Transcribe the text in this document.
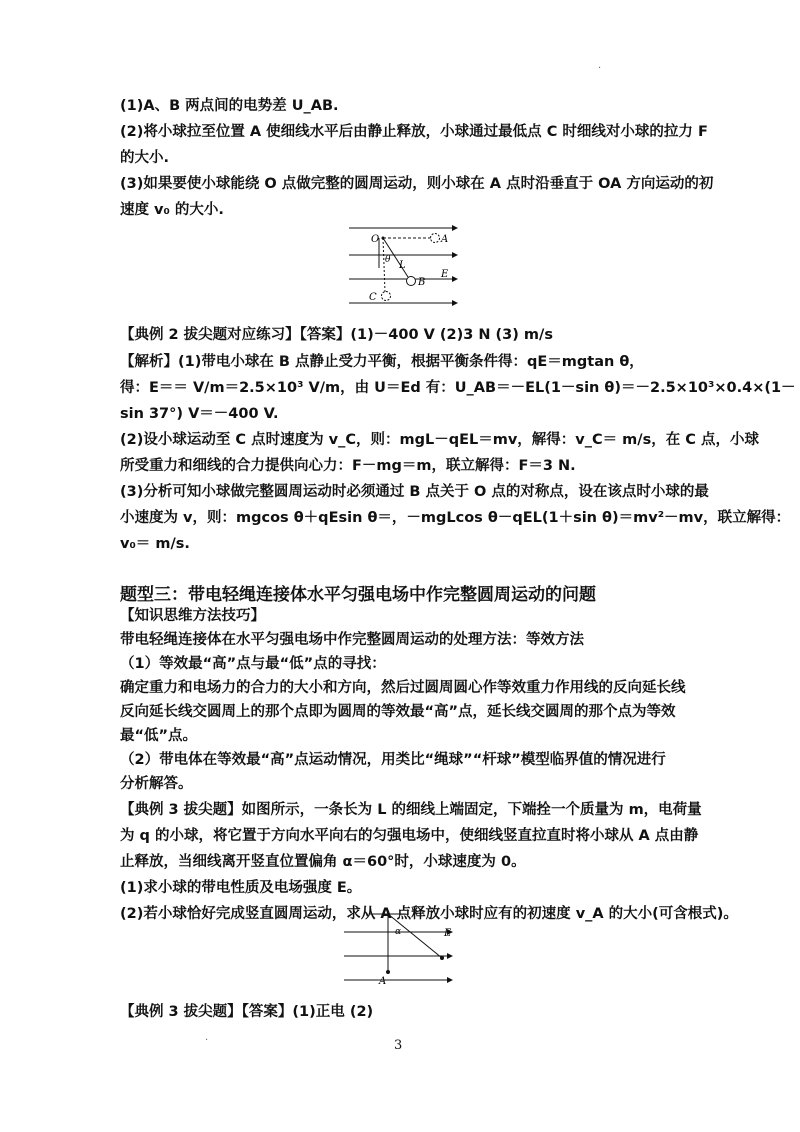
.
(1)A、B 两点间的电势差 U_AB.
(2)将小球拉至位置 A 使细线水平后由静止释放，小球通过最低点 C 时细线对小球的拉力 F
的大小.
(3)如果要使小球能绕 O 点做完整的圆周运动，则小球在 A 点时沿垂直于 OA 方向运动的初
速度 v₀ 的大小.
O	A
θ L
B
E
C
【典例 2 拔尖题对应练习】【答案】(1)－400 V (2)3 N (3) m/s
【解析】(1)带电小球在 B 点静止受力平衡，根据平衡条件得：qE＝mgtan θ，
得：E＝＝ V/m＝2.5×10³ V/m，由 U＝Ed 有：U_AB＝－EL(1－sin θ)＝－2.5×10³×0.4×(1－
sin 37°) V＝－400 V.
(2)设小球运动至 C 点时速度为 v_C，则：mgL－qEL＝mv，解得：v_C＝ m/s，在 C 点，小球
所受重力和细线的合力提供向心力：F－mg＝m，联立解得：F＝3 N.
(3)分析可知小球做完整圆周运动时必须通过 B 点关于 O 点的对称点，设在该点时小球的最
小速度为 v，则：mgcos θ＋qEsin θ＝，－mgLcos θ－qEL(1＋sin θ)＝mv²－mv，联立解得：
v₀＝ m/s.
题型三：带电轻绳连接体水平匀强电场中作完整圆周运动的问题
【知识思维方法技巧】
带电轻绳连接体在水平匀强电场中作完整圆周运动的处理方法：等效方法
（1）等效最“高”点与最“低”点的寻找：
确定重力和电场力的合力的大小和方向，然后过圆周圆心作等效重力作用线的反向延长线
反向延长线交圆周上的那个点即为圆周的等效最“高”点，延长线交圆周的那个点为等效
最“低”点。
（2）带电体在等效最“高”点运动情况，用类比“绳球”“杆球”模型临界值的情况进行
分析解答。
【典例 3 拔尖题】如图所示，一条长为 L 的细线上端固定，下端拴一个质量为 m，电荷量
为 q 的小球，将它置于方向水平向右的匀强电场中，使细线竖直拉直时将小球从 A 点由静
止释放，当细线离开竖直位置偏角 α＝60°时，小球速度为 0。
(1)求小球的带电性质及电场强度 E。
(2)若小球恰好完成竖直圆周运动，求从 A 点释放小球时应有的初速度 v_A 的大小(可含根式)。
α	E
A
【典例 3 拔尖题】【答案】(1)正电 (2)
.
3
